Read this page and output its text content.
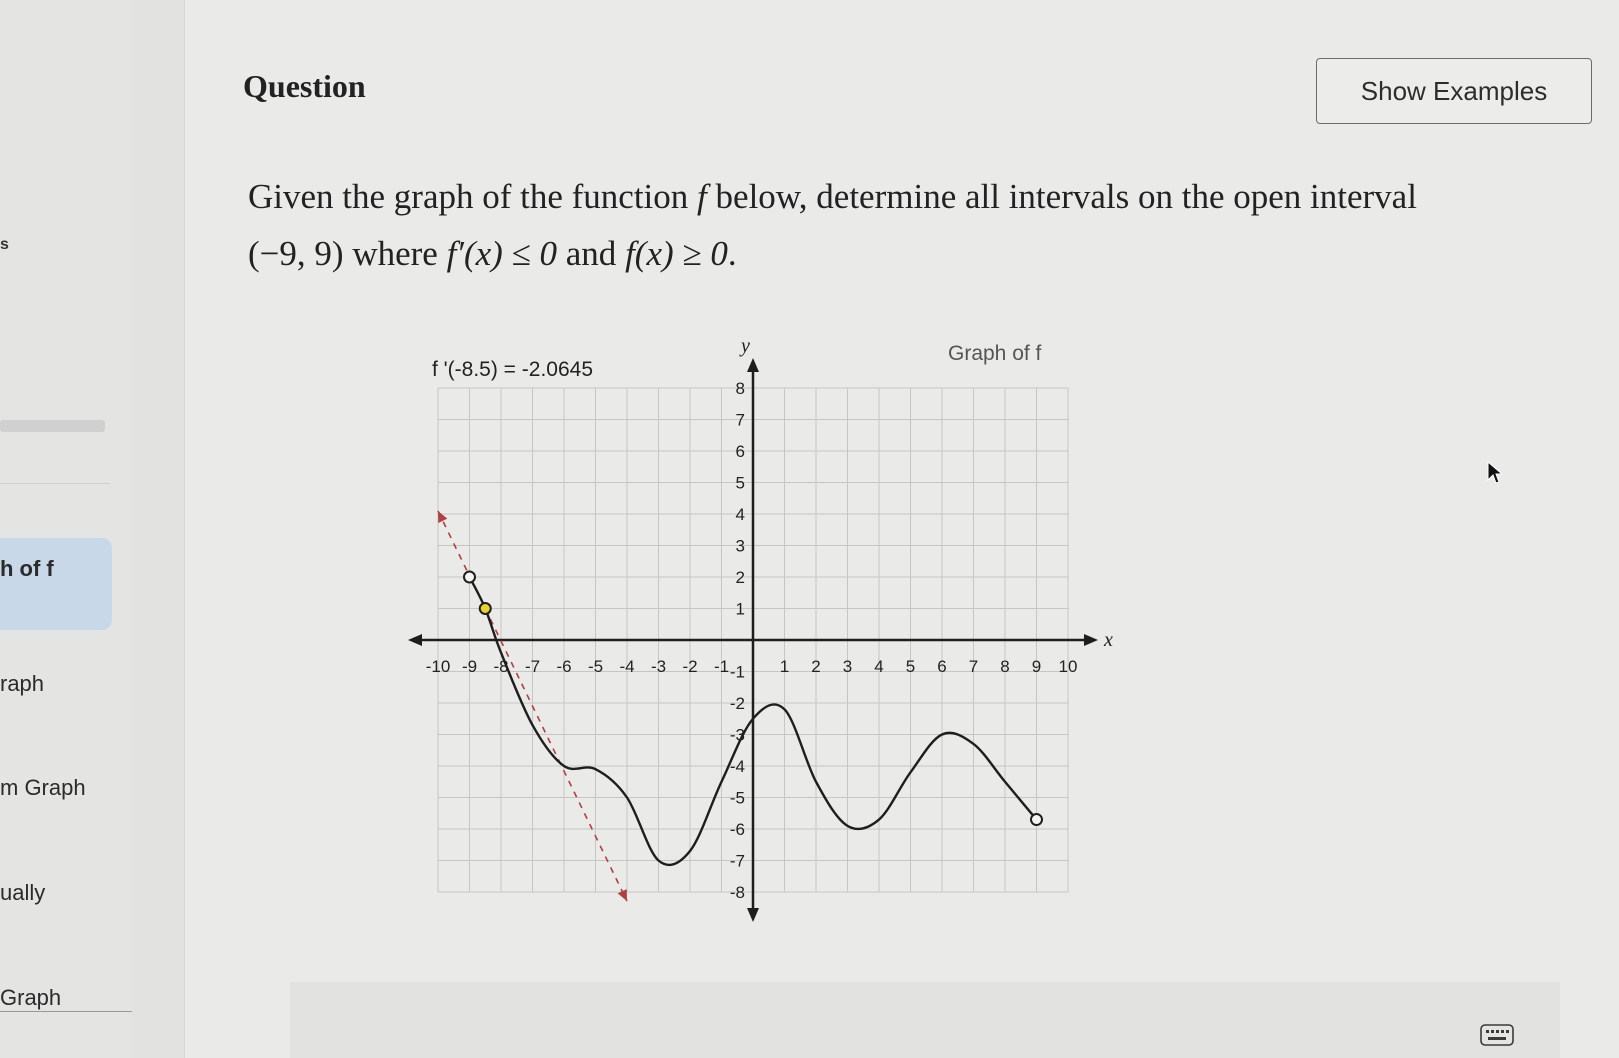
s
h of f
raph
m Graph
ually
Graph
Question	Show Examples
Given the graph of the function f below, determine all intervals on the open interval
(−9, 9) where f′(x) ≤ 0 and f(x) ≥ 0.
-10 -9 -8 -7 -6 -5 -4 -3 -2 -1	1 2 3 4 5 6 7 8 9 10
8
7
6
5
4
3
2
1
-1
-2
-3
-4
-5
-6
-7
-8
x
y	Graph of f
f '(-8.5) = -2.0645
